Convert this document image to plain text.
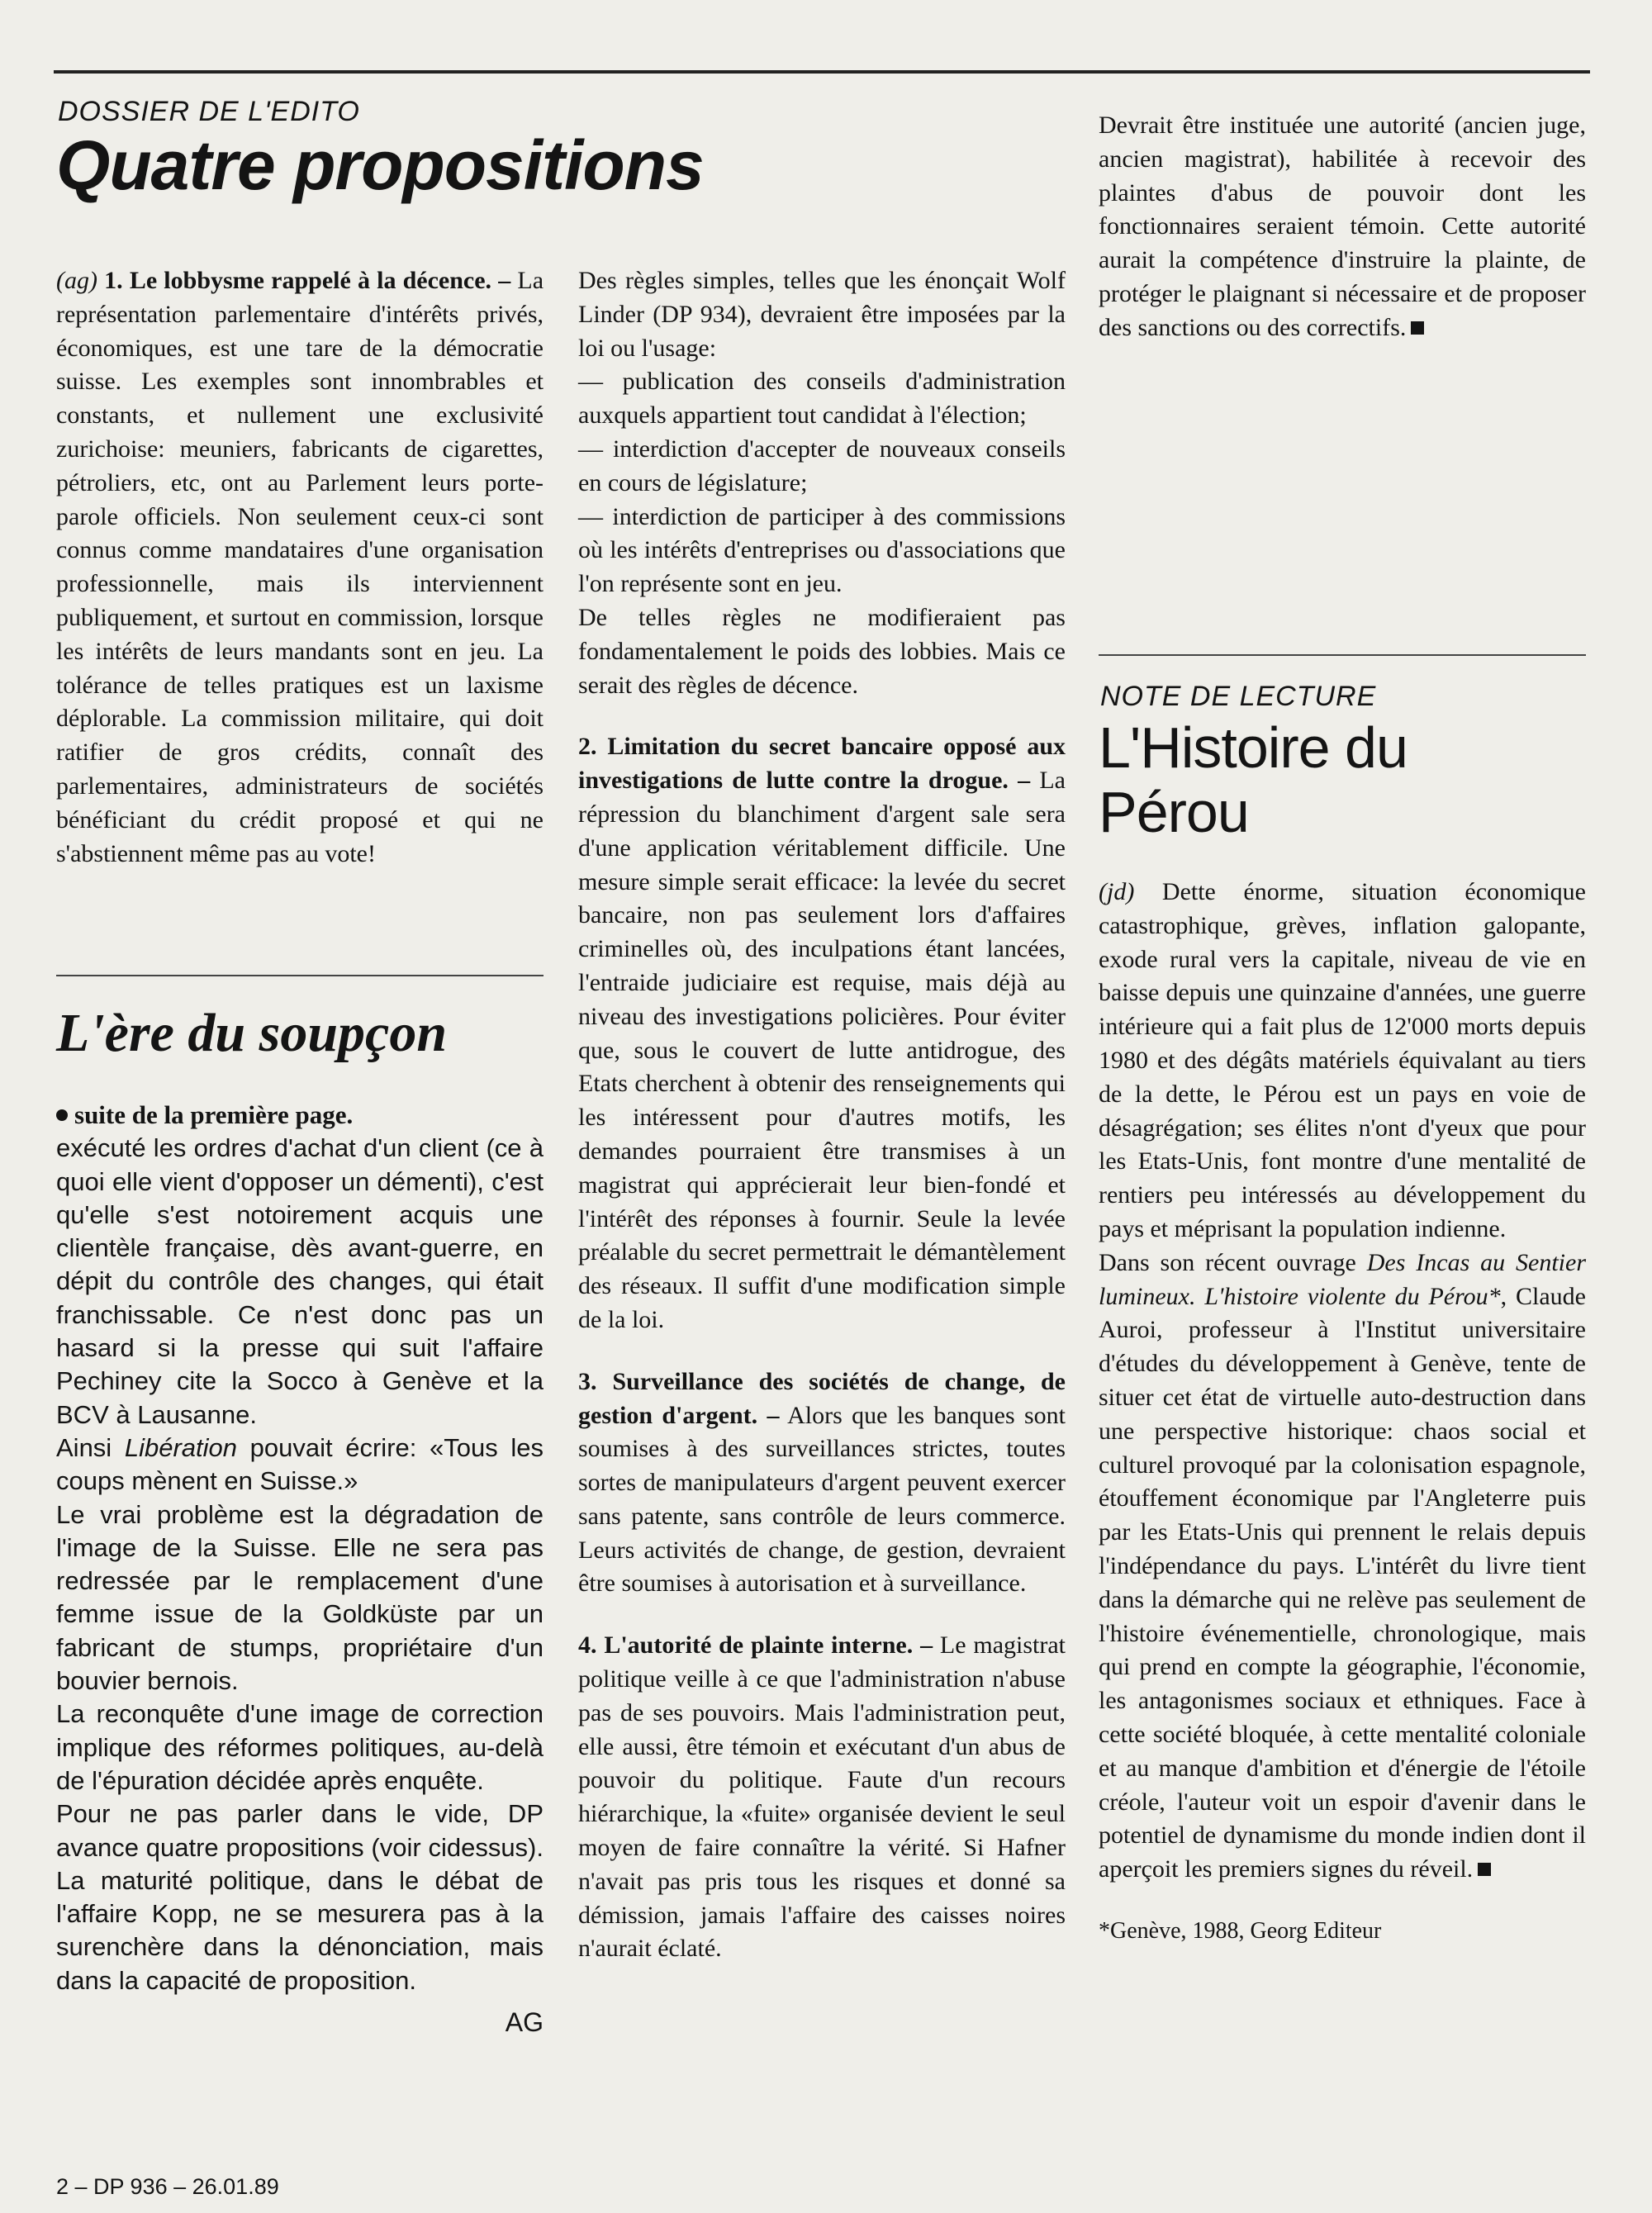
DOSSIER DE L'EDITO
Quatre propositions

(ag) 1. Le lobbysme rappelé à la décence. – La représentation parlementaire d'intérêts privés, économiques, est une tare de la démocratie suisse. Les exemples sont innombrables et constants, et nullement une exclusivité zurichoise: meuniers, fabricants de cigarettes, pétroliers, etc, ont au Parlement leurs porte-parole officiels. Non seulement ceux-ci sont connus comme mandataires d'une organisation professionnelle, mais ils interviennent publiquement, et surtout en commission, lorsque les intérêts de leurs mandants sont en jeu. La tolérance de telles pratiques est un laxisme déplorable. La commission militaire, qui doit ratifier de gros crédits, connaît des parlementaires, administrateurs de sociétés bénéficiant du crédit proposé et qui ne s'abstiennent même pas au vote!

L'ère du soupçon

suite de la première page.

exécuté les ordres d'achat d'un client (ce à quoi elle vient d'opposer un démenti), c'est qu'elle s'est notoirement acquis une clientèle française, dès avant-guerre, en dépit du contrôle des changes, qui était franchissable. Ce n'est donc pas un hasard si la presse qui suit l'affaire Pechiney cite la Socco à Genève et la BCV à Lausanne.

Ainsi Libération pouvait écrire: «Tous les coups mènent en Suisse.»

Le vrai problème est la dégradation de l'image de la Suisse. Elle ne sera pas redressée par le remplacement d'une femme issue de la Goldküste par un fabricant de stumps, propriétaire d'un bouvier bernois.

La reconquête d'une image de correction implique des réformes politiques, au-delà de l'épuration décidée après enquête.

Pour ne pas parler dans le vide, DP avance quatre propositions (voir cidessus). La maturité politique, dans le débat de l'affaire Kopp, ne se mesurera pas à la surenchère dans la dénonciation, mais dans la capacité de proposition.

AG

Des règles simples, telles que les énonçait Wolf Linder (DP 934), devraient être imposées par la loi ou l'usage:

— publication des conseils d'administration auxquels appartient tout candidat à l'élection;

— interdiction d'accepter de nouveaux conseils en cours de législature;

— interdiction de participer à des commissions où les intérêts d'entreprises ou d'associations que l'on représente sont en jeu.

De telles règles ne modifieraient pas fondamentalement le poids des lobbies. Mais ce serait des règles de décence.

2. Limitation du secret bancaire opposé aux investigations de lutte contre la drogue. – La répression du blanchiment d'argent sale sera d'une application véritablement difficile. Une mesure simple serait efficace: la levée du secret bancaire, non pas seulement lors d'affaires criminelles où, des inculpations étant lancées, l'entraide judiciaire est requise, mais déjà au niveau des investigations policières. Pour éviter que, sous le couvert de lutte antidrogue, des Etats cherchent à obtenir des renseignements qui les intéressent pour d'autres motifs, les demandes pourraient être transmises à un magistrat qui apprécierait leur bien-fondé et l'intérêt des réponses à fournir. Seule la levée préalable du secret permettrait le démantèlement des réseaux. Il suffit d'une modification simple de la loi.

3. Surveillance des sociétés de change, de gestion d'argent. – Alors que les banques sont soumises à des surveillances strictes, toutes sortes de manipulateurs d'argent peuvent exercer sans patente, sans contrôle de leurs commerce. Leurs activités de change, de gestion, devraient être soumises à autorisation et à surveillance.

4. L'autorité de plainte interne. – Le magistrat politique veille à ce que l'administration n'abuse pas de ses pouvoirs. Mais l'administration peut, elle aussi, être témoin et exécutant d'un abus de pouvoir du politique. Faute d'un recours hiérarchique, la «fuite» organisée devient le seul moyen de faire connaître la vérité. Si Hafner n'avait pas pris tous les risques et donné sa démission, jamais l'affaire des caisses noires n'aurait éclaté.

Devrait être instituée une autorité (ancien juge, ancien magistrat), habilitée à recevoir des plaintes d'abus de pouvoir dont les fonctionnaires seraient témoin. Cette autorité aurait la compétence d'instruire la plainte, de protéger le plaignant si nécessaire et de proposer des sanctions ou des correctifs.

NOTE DE LECTURE
L'Histoire du
Pérou

(jd) Dette énorme, situation économique catastrophique, grèves, inflation galopante, exode rural vers la capitale, niveau de vie en baisse depuis une quinzaine d'années, une guerre intérieure qui a fait plus de 12'000 morts depuis 1980 et des dégâts matériels équivalant au tiers de la dette, le Pérou est un pays en voie de désagrégation; ses élites n'ont d'yeux que pour les Etats-Unis, font montre d'une mentalité de rentiers peu intéressés au développement du pays et méprisant la population indienne.

Dans son récent ouvrage Des Incas au Sentier lumineux. L'histoire violente du Pérou*, Claude Auroi, professeur à l'Institut universitaire d'études du développement à Genève, tente de situer cet état de virtuelle auto-destruction dans une perspective historique: chaos social et culturel provoqué par la colonisation espagnole, étouffement économique par l'Angleterre puis par les Etats-Unis qui prennent le relais depuis l'indépendance du pays. L'intérêt du livre tient dans la démarche qui ne relève pas seulement de l'histoire événementielle, chronologique, mais qui prend en compte la géographie, l'économie, les antagonismes sociaux et ethniques. Face à cette société bloquée, à cette mentalité coloniale et au manque d'ambition et d'énergie de l'étoile créole, l'auteur voit un espoir d'avenir dans le potentiel de dynamisme du monde indien dont il aperçoit les premiers signes du réveil.

*Genève, 1988, Georg Editeur

2 – DP 936 – 26.01.89
